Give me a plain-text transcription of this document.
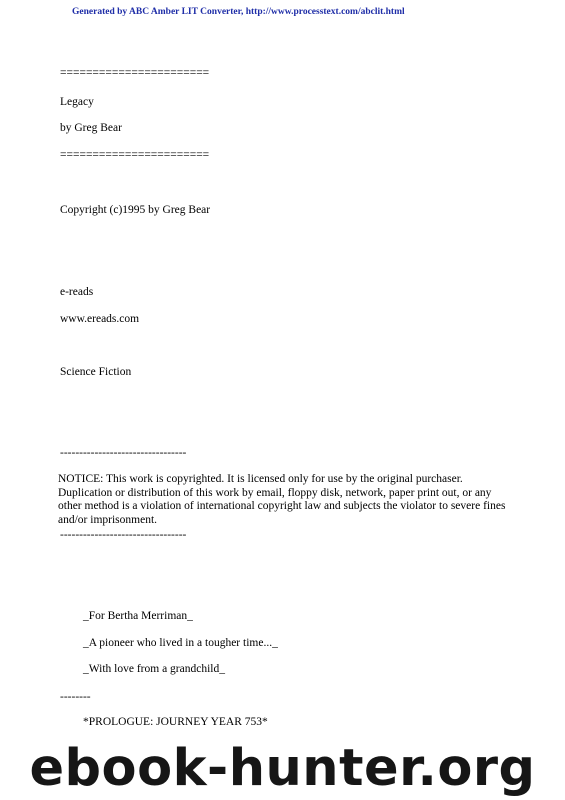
Generated by ABC Amber LIT Converter, http://www.processtext.com/abclit.html
=======================
Legacy
by Greg Bear
=======================
Copyright (c)1995 by Greg Bear
e-reads
www.ereads.com
Science Fiction
---------------------------------
NOTICE: This work is copyrighted. It is licensed only for use by the original purchaser. Duplication or distribution of this work by email, floppy disk, network, paper print out, or any other method is a violation of international copyright law and subjects the violator to severe fines and/or imprisonment.
---------------------------------
_For Bertha Merriman_
_A pioneer who lived in a tougher time..._
_With love from a grandchild_
--------
*PROLOGUE: JOURNEY YEAR 753*
ebook-hunter.org
